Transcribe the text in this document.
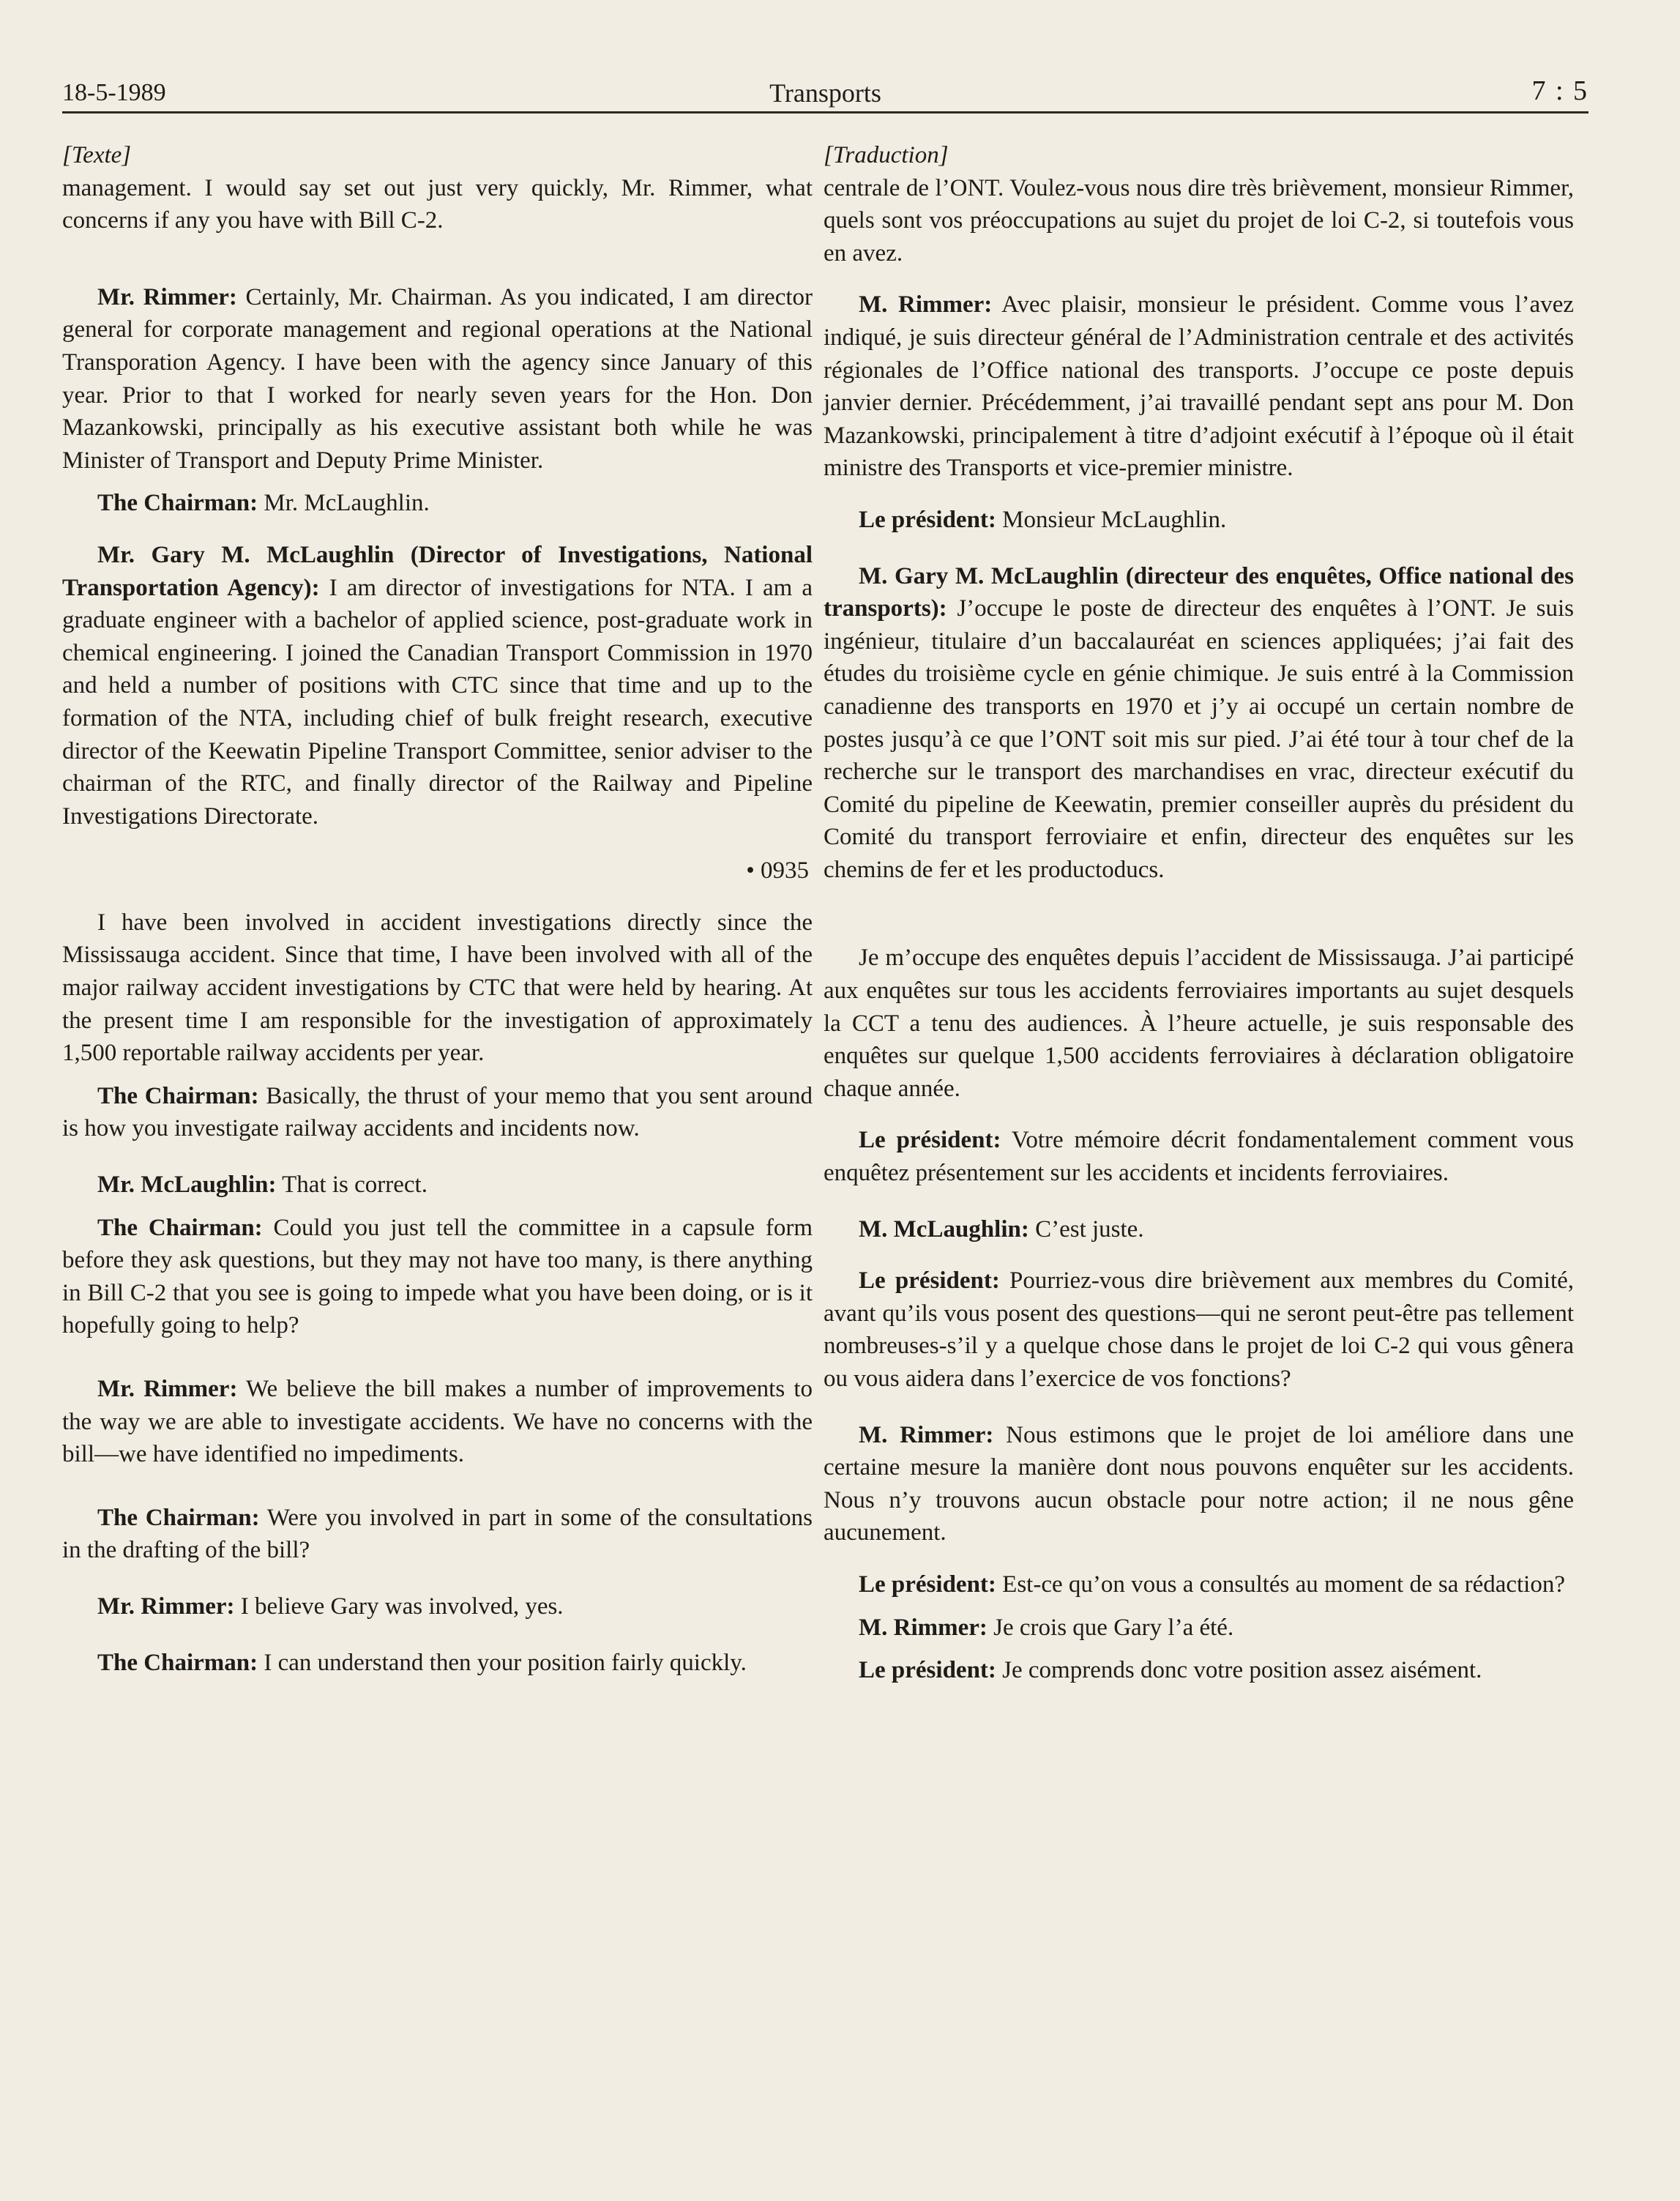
18-5-1989	Transports	7 : 5

[Texte]

management. I would say set out just very quickly, Mr. Rimmer, what concerns if any you have with Bill C-2.

Mr. Rimmer: Certainly, Mr. Chairman. As you indicated, I am director general for corporate management and regional operations at the National Transporation Agency. I have been with the agency since January of this year. Prior to that I worked for nearly seven years for the Hon. Don Mazankowski, principally as his executive assistant both while he was Minister of Transport and Deputy Prime Minister.

The Chairman: Mr. McLaughlin.

Mr. Gary M. McLaughlin (Director of Investigations, National Transportation Agency): I am director of investigations for NTA. I am a graduate engineer with a bachelor of applied science, post-graduate work in chemical engineering. I joined the Canadian Transport Commission in 1970 and held a number of positions with CTC since that time and up to the formation of the NTA, including chief of bulk freight research, executive director of the Keewatin Pipeline Transport Committee, senior adviser to the chairman of the RTC, and finally director of the Railway and Pipeline Investigations Directorate.

• 0935

I have been involved in accident investigations directly since the Mississauga accident. Since that time, I have been involved with all of the major railway accident investigations by CTC that were held by hearing. At the present time I am responsible for the investigation of approximately 1,500 reportable railway accidents per year.

The Chairman: Basically, the thrust of your memo that you sent around is how you investigate railway accidents and incidents now.

Mr. McLaughlin: That is correct.

The Chairman: Could you just tell the committee in a capsule form before they ask questions, but they may not have too many, is there anything in Bill C-2 that you see is going to impede what you have been doing, or is it hopefully going to help?

Mr. Rimmer: We believe the bill makes a number of improvements to the way we are able to investigate accidents. We have no concerns with the bill—we have identified no impediments.

The Chairman: Were you involved in part in some of the consultations in the drafting of the bill?

Mr. Rimmer: I believe Gary was involved, yes.

The Chairman: I can understand then your position fairly quickly.

[Traduction]

centrale de l’ONT. Voulez-vous nous dire très brièvement, monsieur Rimmer, quels sont vos préoccupations au sujet du projet de loi C-2, si toutefois vous en avez.

M. Rimmer: Avec plaisir, monsieur le président. Comme vous l’avez indiqué, je suis directeur général de l’Administration centrale et des activités régionales de l’Office national des transports. J’occupe ce poste depuis janvier dernier. Précédemment, j’ai travaillé pendant sept ans pour M. Don Mazankowski, principalement à titre d’adjoint exécutif à l’époque où il était ministre des Transports et vice-premier ministre.

Le président: Monsieur McLaughlin.

M. Gary M. McLaughlin (directeur des enquêtes, Office national des transports): J’occupe le poste de directeur des enquêtes à l’ONT. Je suis ingénieur, titulaire d’un baccalauréat en sciences appliquées; j’ai fait des études du troisième cycle en génie chimique. Je suis entré à la Commission canadienne des transports en 1970 et j’y ai occupé un certain nombre de postes jusqu’à ce que l’ONT soit mis sur pied. J’ai été tour à tour chef de la recherche sur le transport des marchandises en vrac, directeur exécutif du Comité du pipeline de Keewatin, premier conseiller auprès du président du Comité du transport ferroviaire et enfin, directeur des enquêtes sur les chemins de fer et les productoducs.

Je m’occupe des enquêtes depuis l’accident de Mississauga. J’ai participé aux enquêtes sur tous les accidents ferroviaires importants au sujet desquels la CCT a tenu des audiences. À l’heure actuelle, je suis responsable des enquêtes sur quelque 1,500 accidents ferroviaires à déclaration obligatoire chaque année.

Le président: Votre mémoire décrit fondamentalement comment vous enquêtez présentement sur les accidents et incidents ferroviaires.

M. McLaughlin: C’est juste.

Le président: Pourriez-vous dire brièvement aux membres du Comité, avant qu’ils vous posent des questions—qui ne seront peut-être pas tellement nombreuses-s’il y a quelque chose dans le projet de loi C-2 qui vous gênera ou vous aidera dans l’exercice de vos fonctions?

M. Rimmer: Nous estimons que le projet de loi améliore dans une certaine mesure la manière dont nous pouvons enquêter sur les accidents. Nous n’y trouvons aucun obstacle pour notre action; il ne nous gêne aucunement.

Le président: Est-ce qu’on vous a consultés au moment de sa rédaction?

M. Rimmer: Je crois que Gary l’a été.

Le président: Je comprends donc votre position assez aisément.
